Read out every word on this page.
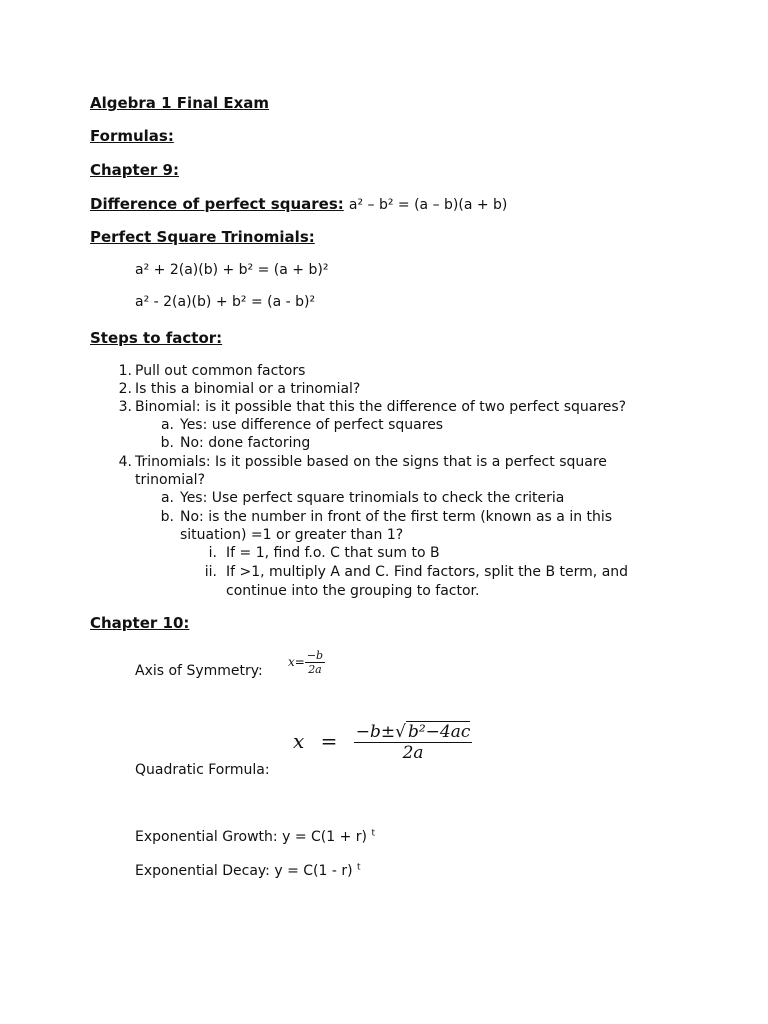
Algebra 1 Final Exam
Formulas:
Chapter 9:
Difference of perfect squares: a² – b² = (a – b)(a + b)
Perfect Square Trinomials:
a² + 2(a)(b) + b² = (a + b)²
a² - 2(a)(b) + b² = (a - b)²
Steps to factor:
1. Pull out common factors
2. Is this a binomial or a trinomial?
3. Binomial: is it possible that this the difference of two perfect squares?
a. Yes: use difference of perfect squares
b. No: done factoring
4. Trinomials: Is it possible based on the signs that is a perfect square
trinomial?
a. Yes: Use perfect square trinomials to check the criteria
b. No: is the number in front of the first term (known as a in this
situation) =1 or greater than 1?
i. If = 1, find f.o. C that sum to B
ii. If >1, multiply A and C. Find factors, split the B term, and
continue into the grouping to factor.
Chapter 10:
Axis of Symmetry:
$x= \frac{-b}{2a}$
$x = \frac{\text{−b±√ b²−4ac}}{2a}$
Quadratic Formula:
Exponential Growth: y = C(1 + r) $^t$
Exponential Decay: y = C(1 - r) $^t$
